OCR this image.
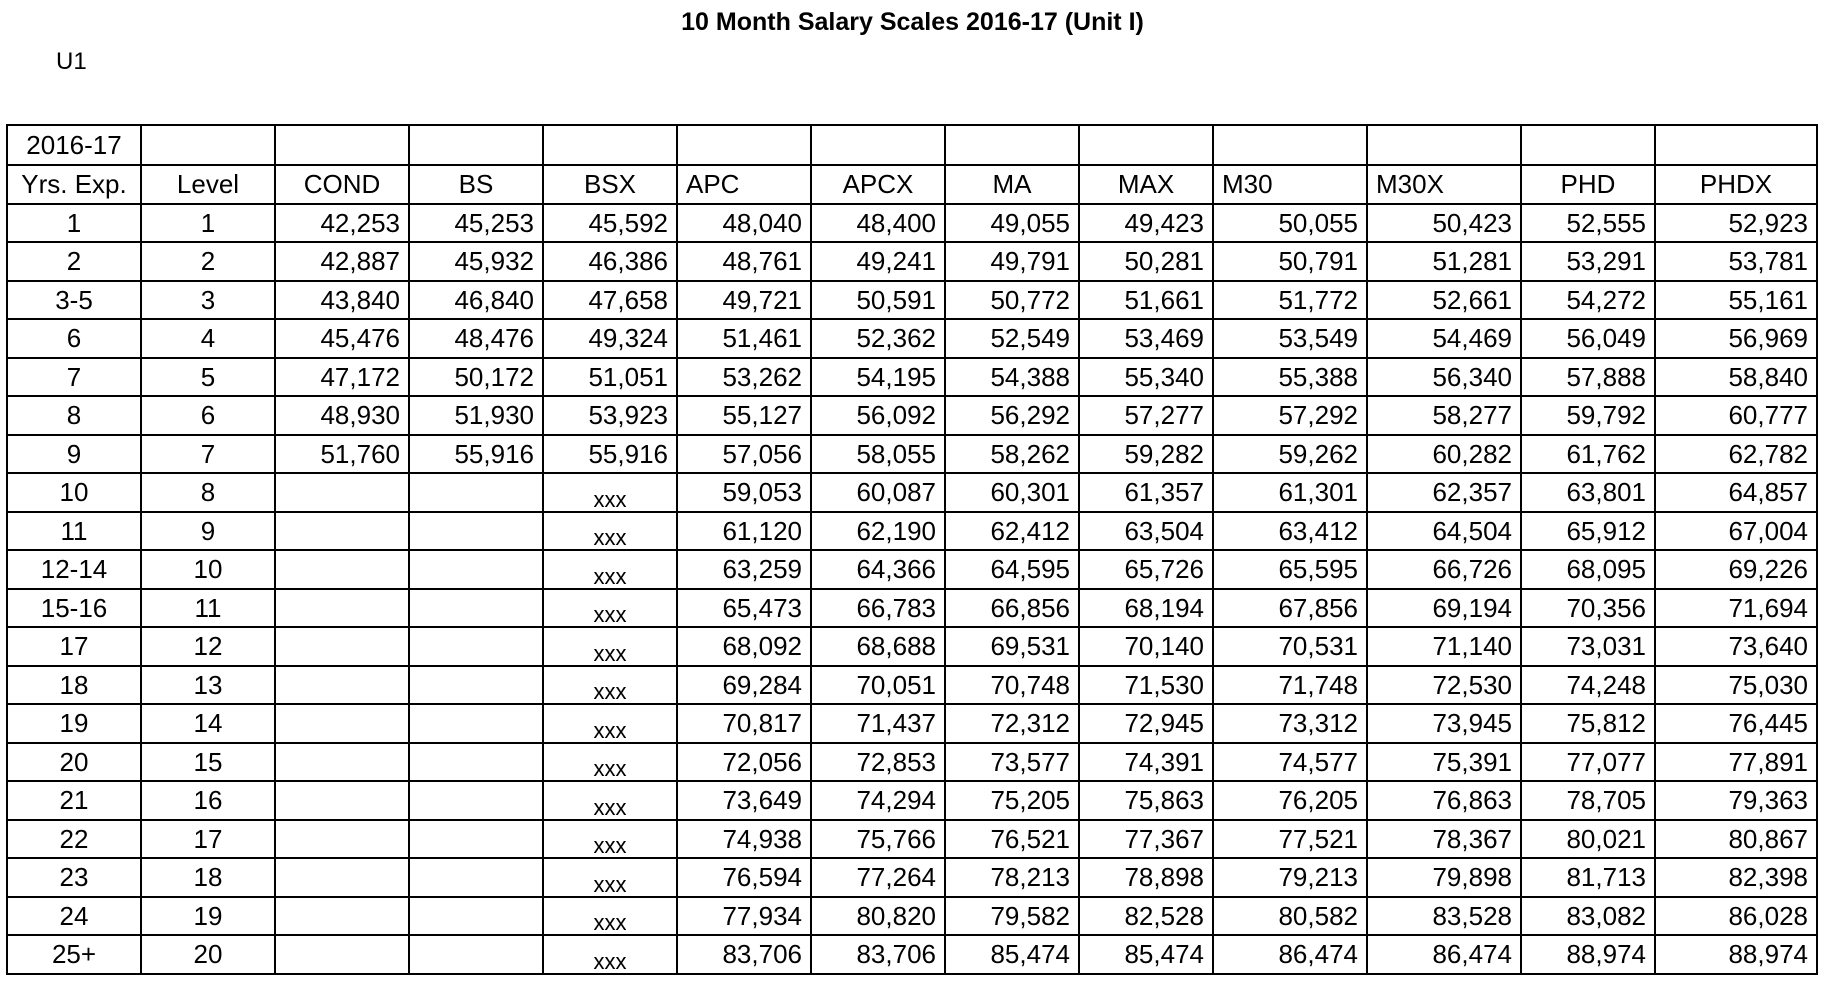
10 Month Salary Scales 2016-17 (Unit I)
U1
2016-17												
Yrs. Exp.	Level	COND	BS	BSX	APC	APCX	MA	MAX	M30	M30X	PHD	PHDX
1	1	42,253	45,253	45,592	48,040	48,400	49,055	49,423	50,055	50,423	52,555	52,923
2	2	42,887	45,932	46,386	48,761	49,241	49,791	50,281	50,791	51,281	53,291	53,781
3-5	3	43,840	46,840	47,658	49,721	50,591	50,772	51,661	51,772	52,661	54,272	55,161
6	4	45,476	48,476	49,324	51,461	52,362	52,549	53,469	53,549	54,469	56,049	56,969
7	5	47,172	50,172	51,051	53,262	54,195	54,388	55,340	55,388	56,340	57,888	58,840
8	6	48,930	51,930	53,923	55,127	56,092	56,292	57,277	57,292	58,277	59,792	60,777
9	7	51,760	55,916	55,916	57,056	58,055	58,262	59,282	59,262	60,282	61,762	62,782
10	8			xxx	59,053	60,087	60,301	61,357	61,301	62,357	63,801	64,857
11	9			xxx	61,120	62,190	62,412	63,504	63,412	64,504	65,912	67,004
12-14	10			xxx	63,259	64,366	64,595	65,726	65,595	66,726	68,095	69,226
15-16	11			xxx	65,473	66,783	66,856	68,194	67,856	69,194	70,356	71,694
17	12			xxx	68,092	68,688	69,531	70,140	70,531	71,140	73,031	73,640
18	13			xxx	69,284	70,051	70,748	71,530	71,748	72,530	74,248	75,030
19	14			xxx	70,817	71,437	72,312	72,945	73,312	73,945	75,812	76,445
20	15			xxx	72,056	72,853	73,577	74,391	74,577	75,391	77,077	77,891
21	16			xxx	73,649	74,294	75,205	75,863	76,205	76,863	78,705	79,363
22	17			xxx	74,938	75,766	76,521	77,367	77,521	78,367	80,021	80,867
23	18			xxx	76,594	77,264	78,213	78,898	79,213	79,898	81,713	82,398
24	19			xxx	77,934	80,820	79,582	82,528	80,582	83,528	83,082	86,028
25+	20			xxx	83,706	83,706	85,474	85,474	86,474	86,474	88,974	88,974
